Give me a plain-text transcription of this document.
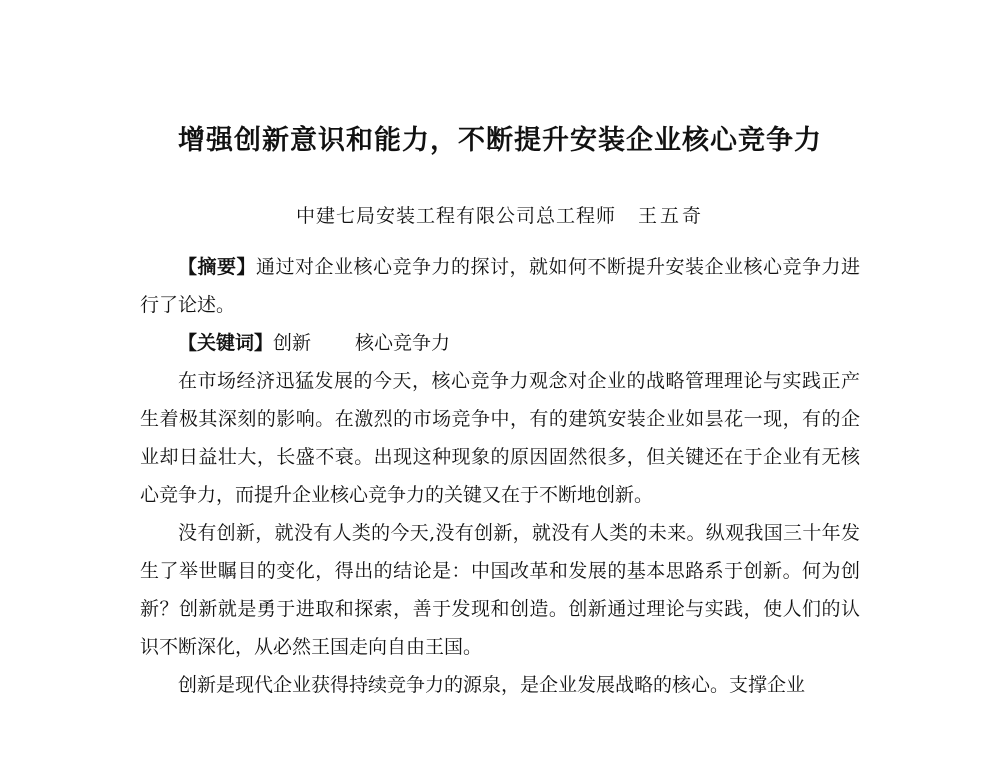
增强创新意识和能力，不断提升安装企业核心竞争力
中建七局安装工程有限公司总工程师 王五奇

【摘要】通过对企业核心竞争力的探讨，就如何不断提升安装企业核心竞争力进行了论述。

【关键词】创新 核心竞争力

在市场经济迅猛发展的今天，核心竞争力观念对企业的战略管理理论与实践正产生着极其深刻的影响。在激烈的市场竞争中，有的建筑安装企业如昙花一现，有的企业却日益壮大，长盛不衰。出现这种现象的原因固然很多，但关键还在于企业有无核心竞争力，而提升企业核心竞争力的关键又在于不断地创新。

没有创新，就没有人类的今天,没有创新，就没有人类的未来。纵观我国三十年发生了举世瞩目的变化，得出的结论是：中国改革和发展的基本思路系于创新。何为创新？创新就是勇于进取和探索，善于发现和创造。创新通过理论与实践，使人们的认识不断深化，从必然王国走向自由王国。

创新是现代企业获得持续竞争力的源泉，是企业发展战略的核心。支撑企业
